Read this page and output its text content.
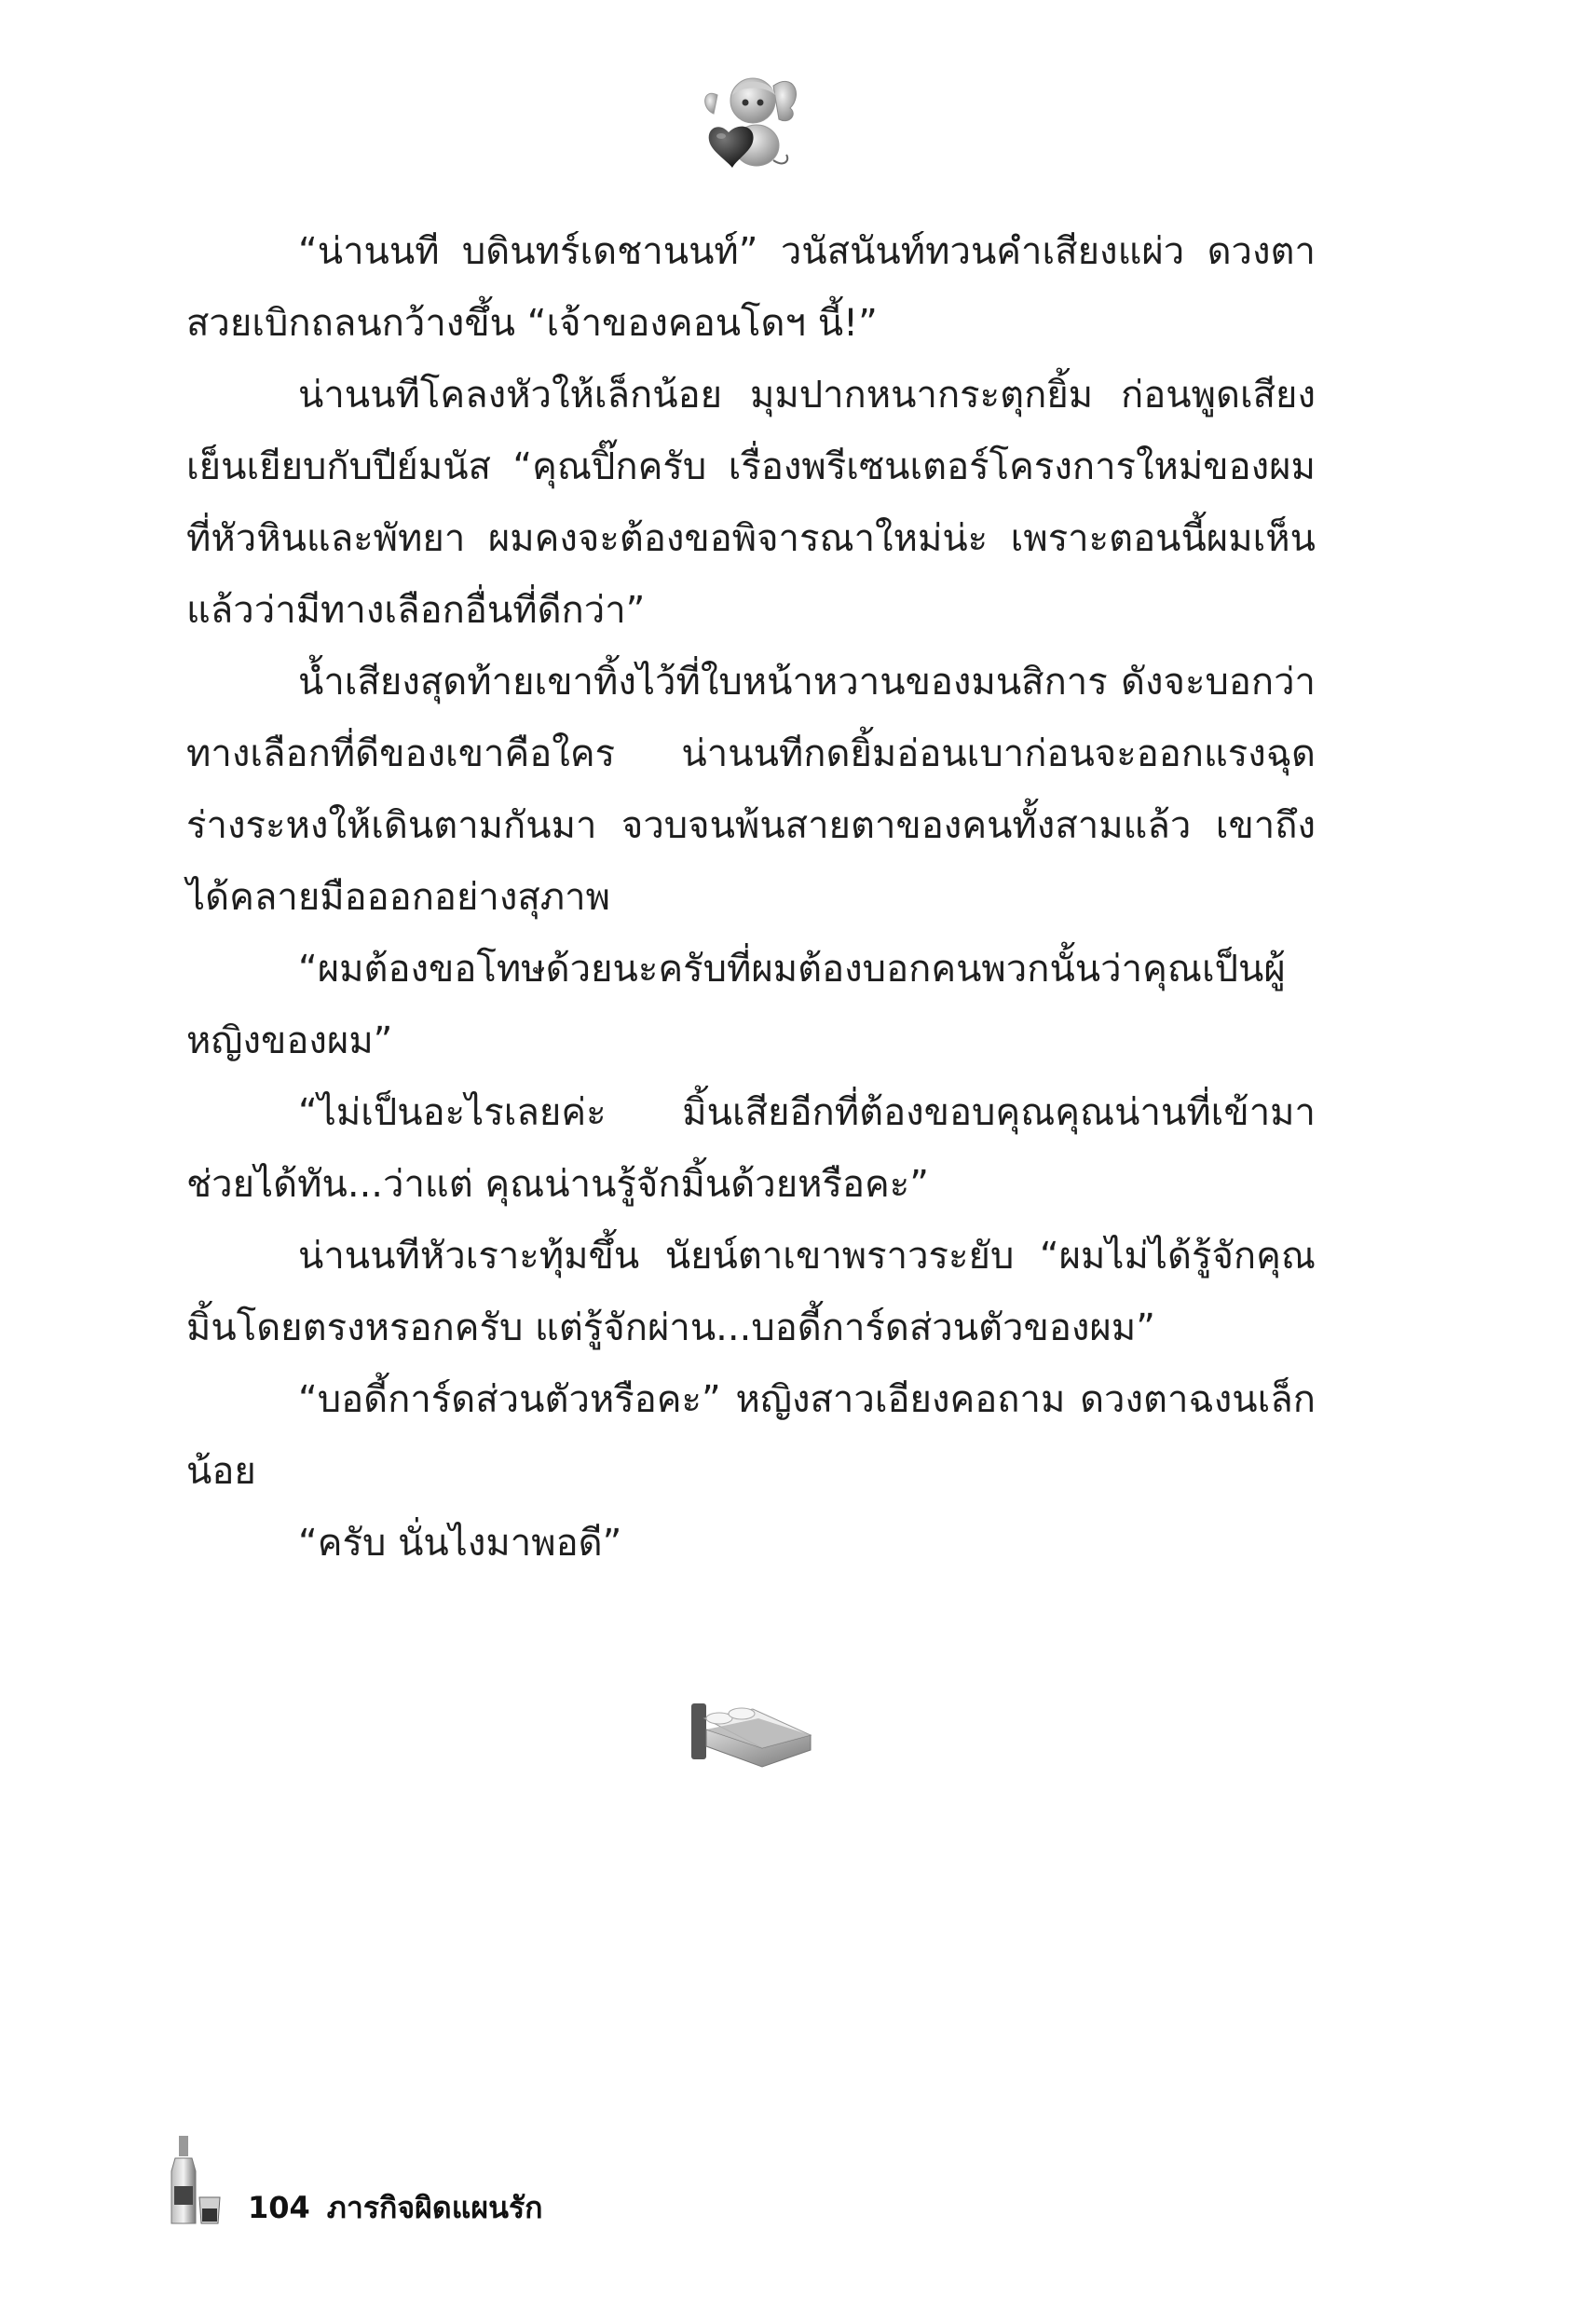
“น่านนที บดินทร์เดชานนท์” วนัสนันท์ทวนคำเสียงแผ่ว ดวงตาสวยเบิกถลนกว้างขึ้น “เจ้าของคอนโดฯ นี้!”

น่านนทีโคลงหัวให้เล็กน้อย มุมปากหนากระตุกยิ้ม ก่อนพูดเสียงเย็นเยียบกับปีย์มนัส “คุณปิ๊กครับ เรื่องพรีเซนเตอร์โครงการใหม่ของผมที่หัวหินและพัทยา ผมคงจะต้องขอพิจารณาใหม่น่ะ เพราะตอนนี้ผมเห็นแล้วว่ามีทางเลือกอื่นที่ดีกว่า”

น้ำเสียงสุดท้ายเขาทิ้งไว้ที่ใบหน้าหวานของมนสิการ ดังจะบอกว่าทางเลือกที่ดีของเขาคือใคร น่านนทีกดยิ้มอ่อนเบาก่อนจะออกแรงฉุดร่างระหงให้เดินตามกันมา จวบจนพ้นสายตาของคนทั้งสามแล้ว เขาถึงได้คลายมือออกอย่างสุภาพ

“ผมต้องขอโทษด้วยนะครับที่ผมต้องบอกคนพวกนั้นว่าคุณเป็นผู้หญิงของผม”

“ไม่เป็นอะไรเลยค่ะ มิ้นเสียอีกที่ต้องขอบคุณคุณน่านที่เข้ามาช่วยได้ทัน...ว่าแต่ คุณน่านรู้จักมิ้นด้วยหรือคะ”

น่านนทีหัวเราะทุ้มขึ้น นัยน์ตาเขาพราวระยับ “ผมไม่ได้รู้จักคุณมิ้นโดยตรงหรอกครับ แต่รู้จักผ่าน...บอดี้การ์ดส่วนตัวของผม”

“บอดี้การ์ดส่วนตัวหรือคะ” หญิงสาวเอียงคอถาม ดวงตาฉงนเล็กน้อย

“ครับ นั่นไงมาพอดี”

104 ภารกิจผิดแผนรัก
